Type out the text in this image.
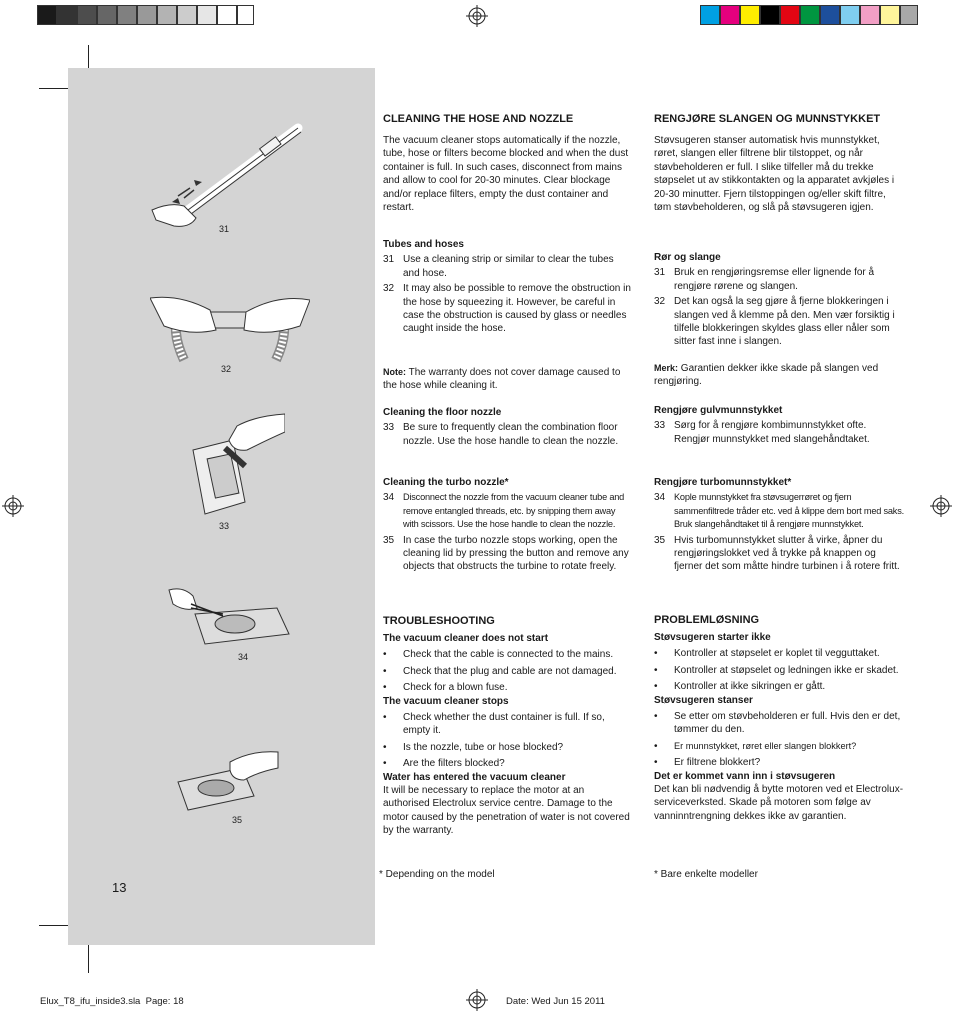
31
32
33
34
35
13
CLEANING THE HOSE AND NOZZLE

The vacuum cleaner stops automatically if the nozzle, tube, hose or filters become blocked and when the dust container is full. In such cases, disconnect from mains and allow to cool for 20-30 minutes. Clear blockage and/or replace filters, empty the dust container and restart.

Tubes and hoses
31 Use a cleaning strip or similar to clear the tubes and hose.
32 It may also be possible to remove the obstruction in the hose by squeezing it. However, be careful in case the obstruction is caused by glass or needles caught inside the hose.

Note: The warranty does not cover damage caused to the hose while cleaning it.

Cleaning the floor nozzle
33 Be sure to frequently clean the combination floor nozzle. Use the hose handle to clean the nozzle.
Cleaning the turbo nozzle*
34 Disconnect the nozzle from the vacuum cleaner tube and remove entangled threads, etc. by snipping them away with scissors. Use the hose handle to clean the nozzle.
35 In case the turbo nozzle stops working, open the cleaning lid by pressing the button and remove any objects that obstructs the turbine to rotate freely.
TROUBLESHOOTING
The vacuum cleaner does not start
•	Check that the cable is connected to the mains.
•	Check that the plug and cable are not damaged.
•	Check for a blown fuse.
The vacuum cleaner stops
•	Check whether the dust container is full. If so, empty it.
•	Is the nozzle, tube or hose blocked?
•	Are the filters blocked?
Water has entered the vacuum cleaner

It will be necessary to replace the motor at an authorised Electrolux service centre. Damage to the motor caused by the penetration of water is not covered by the warranty.

* Depending on the model
RENGJØRE SLANGEN OG MUNNSTYKKET

Støvsugeren stanser automatisk hvis munnstykket, røret, slangen eller filtrene blir tilstoppet, og når støvbeholderen er full. I slike tilfeller må du trekke støpselet ut av stikkontakten og la apparatet avkjøles i 20-30 minutter. Fjern tilstoppingen og/eller skift filtre, tøm støvbeholderen, og slå på støvsugeren igjen.

Rør og slange
31 Bruk en rengjøringsremse eller lignende for å rengjøre rørene og slangen.
32 Det kan også la seg gjøre å fjerne blokkeringen i slangen ved å klemme på den. Men vær forsiktig i tilfelle blokkeringen skyldes glass eller nåler som sitter fast inne i slangen.

Merk: Garantien dekker ikke skade på slangen ved rengjøring.

Rengjøre gulvmunnstykket
33 Sørg for å rengjøre kombimunnstykket ofte. Rengjør munnstykket med slangehåndtaket.
Rengjøre turbomunnstykket*
34 Kople munnstykket fra støvsugerrøret og fjern sammenfiltrede tråder etc. ved å klippe dem bort med saks. Bruk slangehåndtaket til å rengjøre munnstykket.
35 Hvis turbomunnstykket slutter å virke, åpner du rengjøringslokket ved å trykke på knappen og fjerner det som måtte hindre turbinen i å rotere fritt.
PROBLEMLØSNING
Støvsugeren starter ikke
•	Kontroller at støpselet er koplet til vegguttaket.
•	Kontroller at støpselet og ledningen ikke er skadet.
•	Kontroller at ikke sikringen er gått.
Støvsugeren stanser
•	Se etter om støvbeholderen er full. Hvis den er det, tømmer du den.
•	Er munnstykket, røret eller slangen blokkert?
•	Er filtrene blokkert?
Det er kommet vann inn i støvsugeren

Det kan bli nødvendig å bytte motoren ved et Electrolux- serviceverksted. Skade på motoren som følge av vanninntrengning dekkes ikke av garantien.

* Bare enkelte modeller
Elux_T8_ifu_inside3.sla  Page: 18	Date: Wed Jun 15 2011
